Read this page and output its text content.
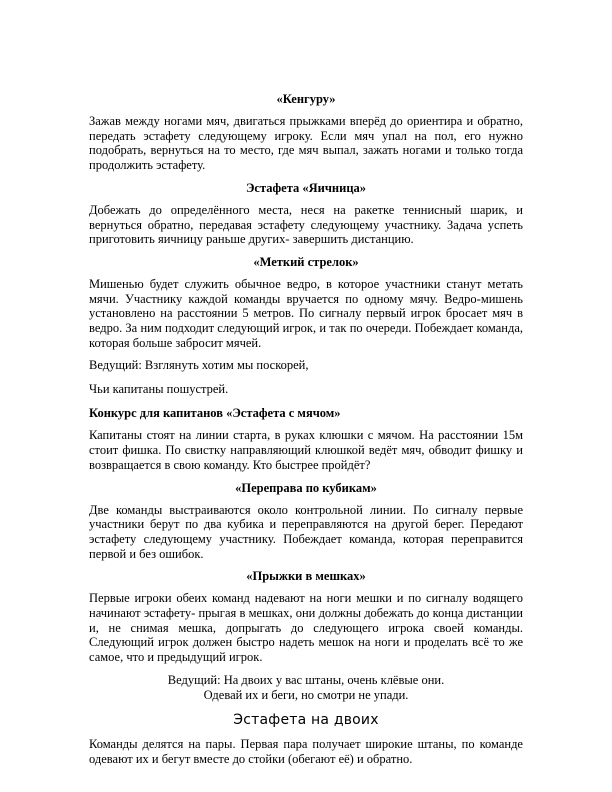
«Кенгуру»
Зажав между ногами мяч, двигаться прыжками вперёд до ориентира и обратно, передать эстафету следующему игроку. Если мяч упал на пол, его нужно подобрать, вернуться на то место, где мяч выпал, зажать ногами и только тогда продолжить эстафету.
Эстафета «Яичница»
Добежать до определённого места, неся на ракетке теннисный шарик, и вернуться обратно, передавая эстафету следующему участнику. Задача успеть приготовить яичницу раньше других- завершить дистанцию.
«Меткий стрелок»
Мишенью будет служить обычное ведро, в которое участники станут метать мячи. Участнику каждой команды вручается по одному мячу. Ведро-мишень установлено на расстоянии 5 метров. По сигналу первый игрок бросает мяч в ведро. За ним подходит следующий игрок, и так по очереди. Побеждает команда, которая больше забросит мячей.
Ведущий: Взглянуть хотим мы поскорей,
Чьи капитаны пошустрей.
Конкурс для капитанов «Эстафета с мячом»
Капитаны стоят на линии старта, в руках клюшки с мячом. На расстоянии 15м стоит фишка. По свистку направляющий клюшкой ведёт мяч, обводит фишку и возвращается в свою команду. Кто быстрее пройдёт?
«Переправа по кубикам»
Две команды выстраиваются около контрольной линии. По сигналу первые участники берут по два кубика и переправляются на другой берег. Передают эстафету следующему участнику. Побеждает команда, которая переправится первой и без ошибок.
«Прыжки в мешках»
Первые игроки обеих команд надевают на ноги мешки и по сигналу водящего начинают эстафету- прыгая в мешках, они должны добежать до конца дистанции и, не снимая мешка, допрыгать до следующего игрока своей команды. Следующий игрок должен быстро надеть мешок на ноги и проделать всё то же самое, что и предыдущий игрок.
Ведущий: На двоих у вас штаны, очень клёвые они.
Одевай их и беги, но смотри не упади.
Эстафета на двоих
Команды делятся на пары. Первая пара получает широкие штаны, по команде одевают их и бегут вместе до стойки (обегают её) и обратно.
